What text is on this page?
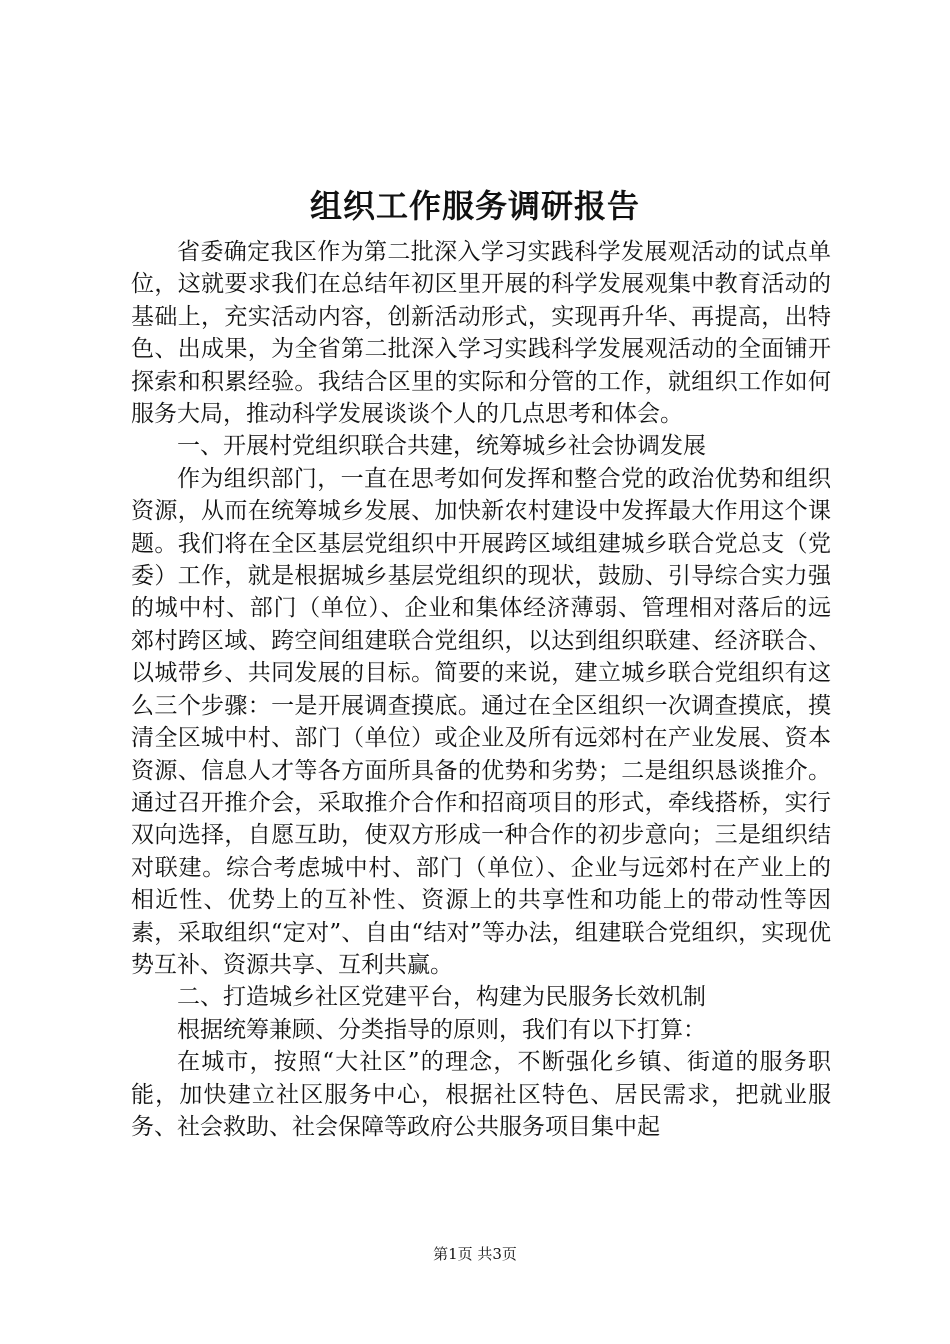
组织工作服务调研报告

省委确定我区作为第二批深入学习实践科学发展观活动的试点单位，这就要求我们在总结年初区里开展的科学发展观集中教育活动的基础上，充实活动内容，创新活动形式，实现再升华、再提高，出特色、出成果，为全省第二批深入学习实践科学发展观活动的全面铺开探索和积累经验。我结合区里的实际和分管的工作，就组织工作如何服务大局，推动科学发展谈谈个人的几点思考和体会。

一、开展村党组织联合共建，统筹城乡社会协调发展

作为组织部门，一直在思考如何发挥和整合党的政治优势和组织资源，从而在统筹城乡发展、加快新农村建设中发挥最大作用这个课题。我们将在全区基层党组织中开展跨区域组建城乡联合党总支（党委）工作，就是根据城乡基层党组织的现状，鼓励、引导综合实力强的城中村、部门（单位）、企业和集体经济薄弱、管理相对落后的远郊村跨区域、跨空间组建联合党组织，以达到组织联建、经济联合、以城带乡、共同发展的目标。简要的来说，建立城乡联合党组织有这么三个步骤：一是开展调查摸底。通过在全区组织一次调查摸底，摸清全区城中村、部门（单位）或企业及所有远郊村在产业发展、资本资源、信息人才等各方面所具备的优势和劣势；二是组织恳谈推介。通过召开推介会，采取推介合作和招商项目的形式，牵线搭桥，实行双向选择，自愿互助，使双方形成一种合作的初步意向；三是组织结对联建。综合考虑城中村、部门（单位）、企业与远郊村在产业上的相近性、优势上的互补性、资源上的共享性和功能上的带动性等因素，采取组织“定对”、自由“结对”等办法，组建联合党组织，实现优势互补、资源共享、互利共赢。

二、打造城乡社区党建平台，构建为民服务长效机制

根据统筹兼顾、分类指导的原则，我们有以下打算：

在城市，按照“大社区”的理念，不断强化乡镇、街道的服务职能，加快建立社区服务中心，根据社区特色、居民需求，把就业服务、社会救助、社会保障等政府公共服务项目集中起

第1页 共3页
